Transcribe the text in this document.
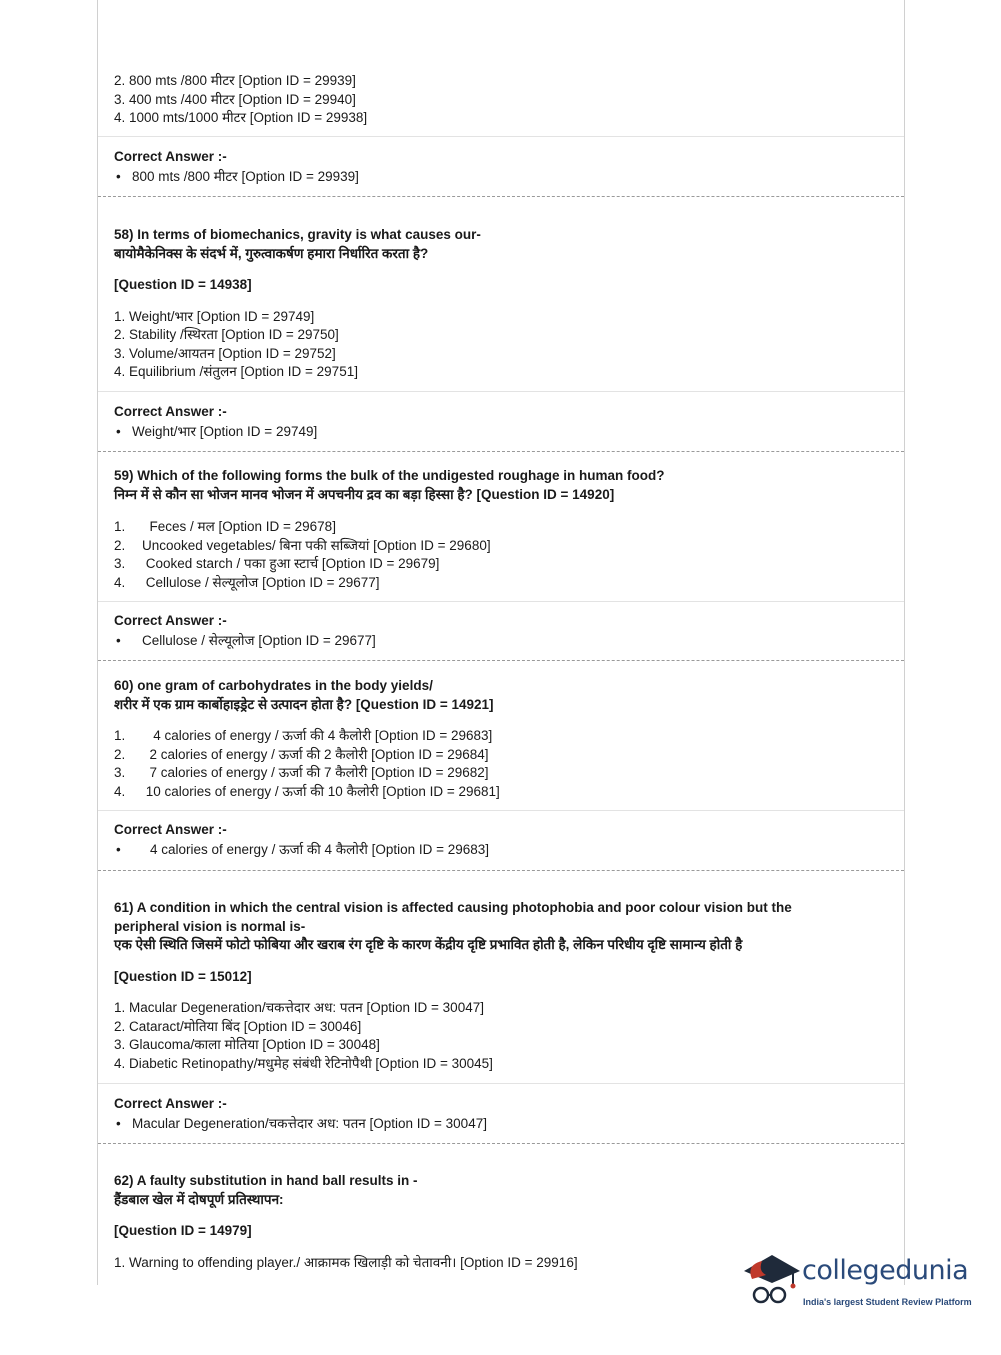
2. 800 mts /800 मीटर [Option ID = 29939]
3. 400 mts /400 मीटर [Option ID = 29940]
4. 1000 mts/1000 मीटर [Option ID = 29938]
Correct Answer :-
• 800 mts /800 मीटर [Option ID = 29939]
58) In terms of biomechanics, gravity is what causes our-
बायोमैकेनिक्स के संदर्भ में, गुरुत्वाकर्षण हमारा निर्धारित करता है?
[Question ID = 14938]
1. Weight/भार [Option ID = 29749]
2. Stability /स्थिरता [Option ID = 29750]
3. Volume/आयतन [Option ID = 29752]
4. Equilibrium /संतुलन [Option ID = 29751]
Correct Answer :-
• Weight/भार [Option ID = 29749]
59) Which of the following forms the bulk of the undigested roughage in human food?
निम्न में से कौन सा भोजन मानव भोजन में अपचनीय द्रव का बड़ा हिस्सा है? [Question ID = 14920]
1.  Feces / मल [Option ID = 29678]
2. Uncooked vegetables/ बिना पकी सब्जियां [Option ID = 29680]
3. Cooked starch / पका हुआ स्टार्च [Option ID = 29679]
4. Cellulose / सेल्यूलोज [Option ID = 29677]
Correct Answer :-
•Cellulose / सेल्यूलोज [Option ID = 29677]
60) one gram of carbohydrates in the body yields/
शरीर में एक ग्राम कार्बोहाइड्रेट से उत्पादन होता है? [Question ID = 14921]
1.   4 calories of energy / ऊर्जा की 4 कैलोरी [Option ID = 29683]
2.  2 calories of energy / ऊर्जा की 2 कैलोरी [Option ID = 29684]
3.  7 calories of energy / ऊर्जा की 7 कैलोरी [Option ID = 29682]
4. 10 calories of energy / ऊर्जा की 10 कैलोरी [Option ID = 29681]
Correct Answer :-
•4 calories of energy / ऊर्जा की 4 कैलोरी [Option ID = 29683]
61) A condition in which the central vision is affected causing photophobia and poor colour vision but the
peripheral vision is normal is-
एक ऐसी स्थिति जिसमें फोटो फोबिया और खराब रंग दृष्टि के कारण केंद्रीय दृष्टि प्रभावित होती है, लेकिन परिधीय दृष्टि सामान्य होती है
[Question ID = 15012]
1. Macular Degeneration/चकत्तेदार अध: पतन [Option ID = 30047]
2. Cataract/मोतिया बिंद [Option ID = 30046]
3. Glaucoma/काला मोतिया [Option ID = 30048]
4. Diabetic Retinopathy/मधुमेह संबंधी रेटिनोपैथी [Option ID = 30045]
Correct Answer :-
• Macular Degeneration/चकत्तेदार अध: पतन [Option ID = 30047]
62) A faulty substitution in hand ball results in -
हैंडबाल खेल में दोषपूर्ण प्रतिस्थापन:
[Question ID = 14979]
1. Warning to offending player./ आक्रामक खिलाड़ी को चेतावनी। [Option ID = 29916]	collegedunia
India's largest Student Review Platform
